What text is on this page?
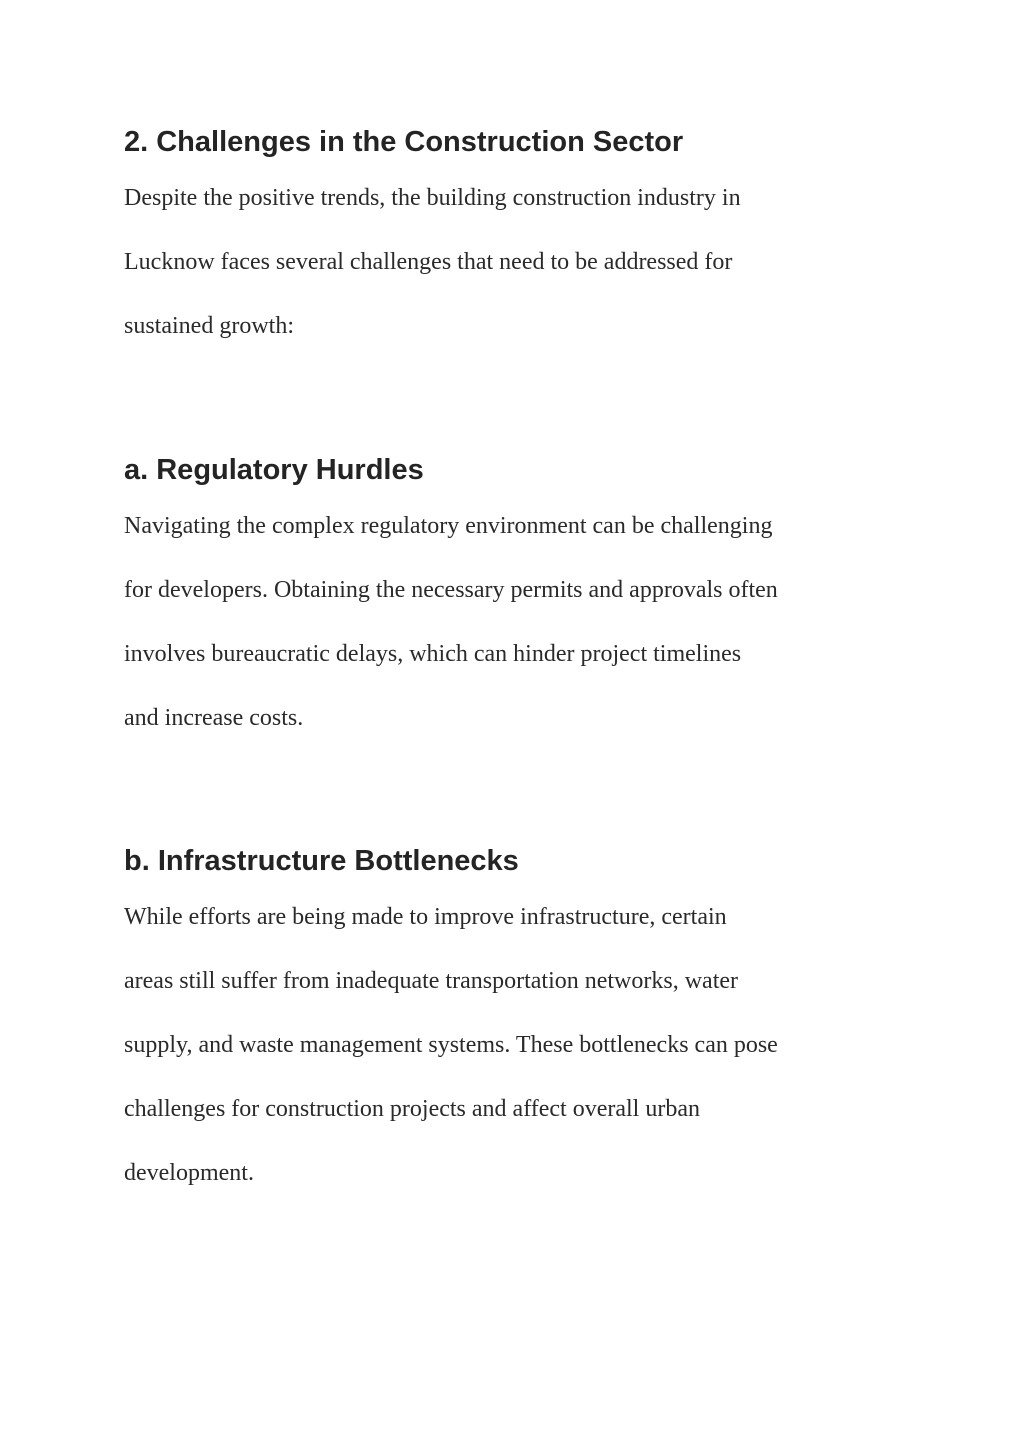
2. Challenges in the Construction Sector

Despite the positive trends, the building construction industry in
Lucknow faces several challenges that need to be addressed for
sustained growth:

a. Regulatory Hurdles

Navigating the complex regulatory environment can be challenging
for developers. Obtaining the necessary permits and approvals often
involves bureaucratic delays, which can hinder project timelines
and increase costs.

b. Infrastructure Bottlenecks

While efforts are being made to improve infrastructure, certain
areas still suffer from inadequate transportation networks, water
supply, and waste management systems. These bottlenecks can pose
challenges for construction projects and affect overall urban
development.
